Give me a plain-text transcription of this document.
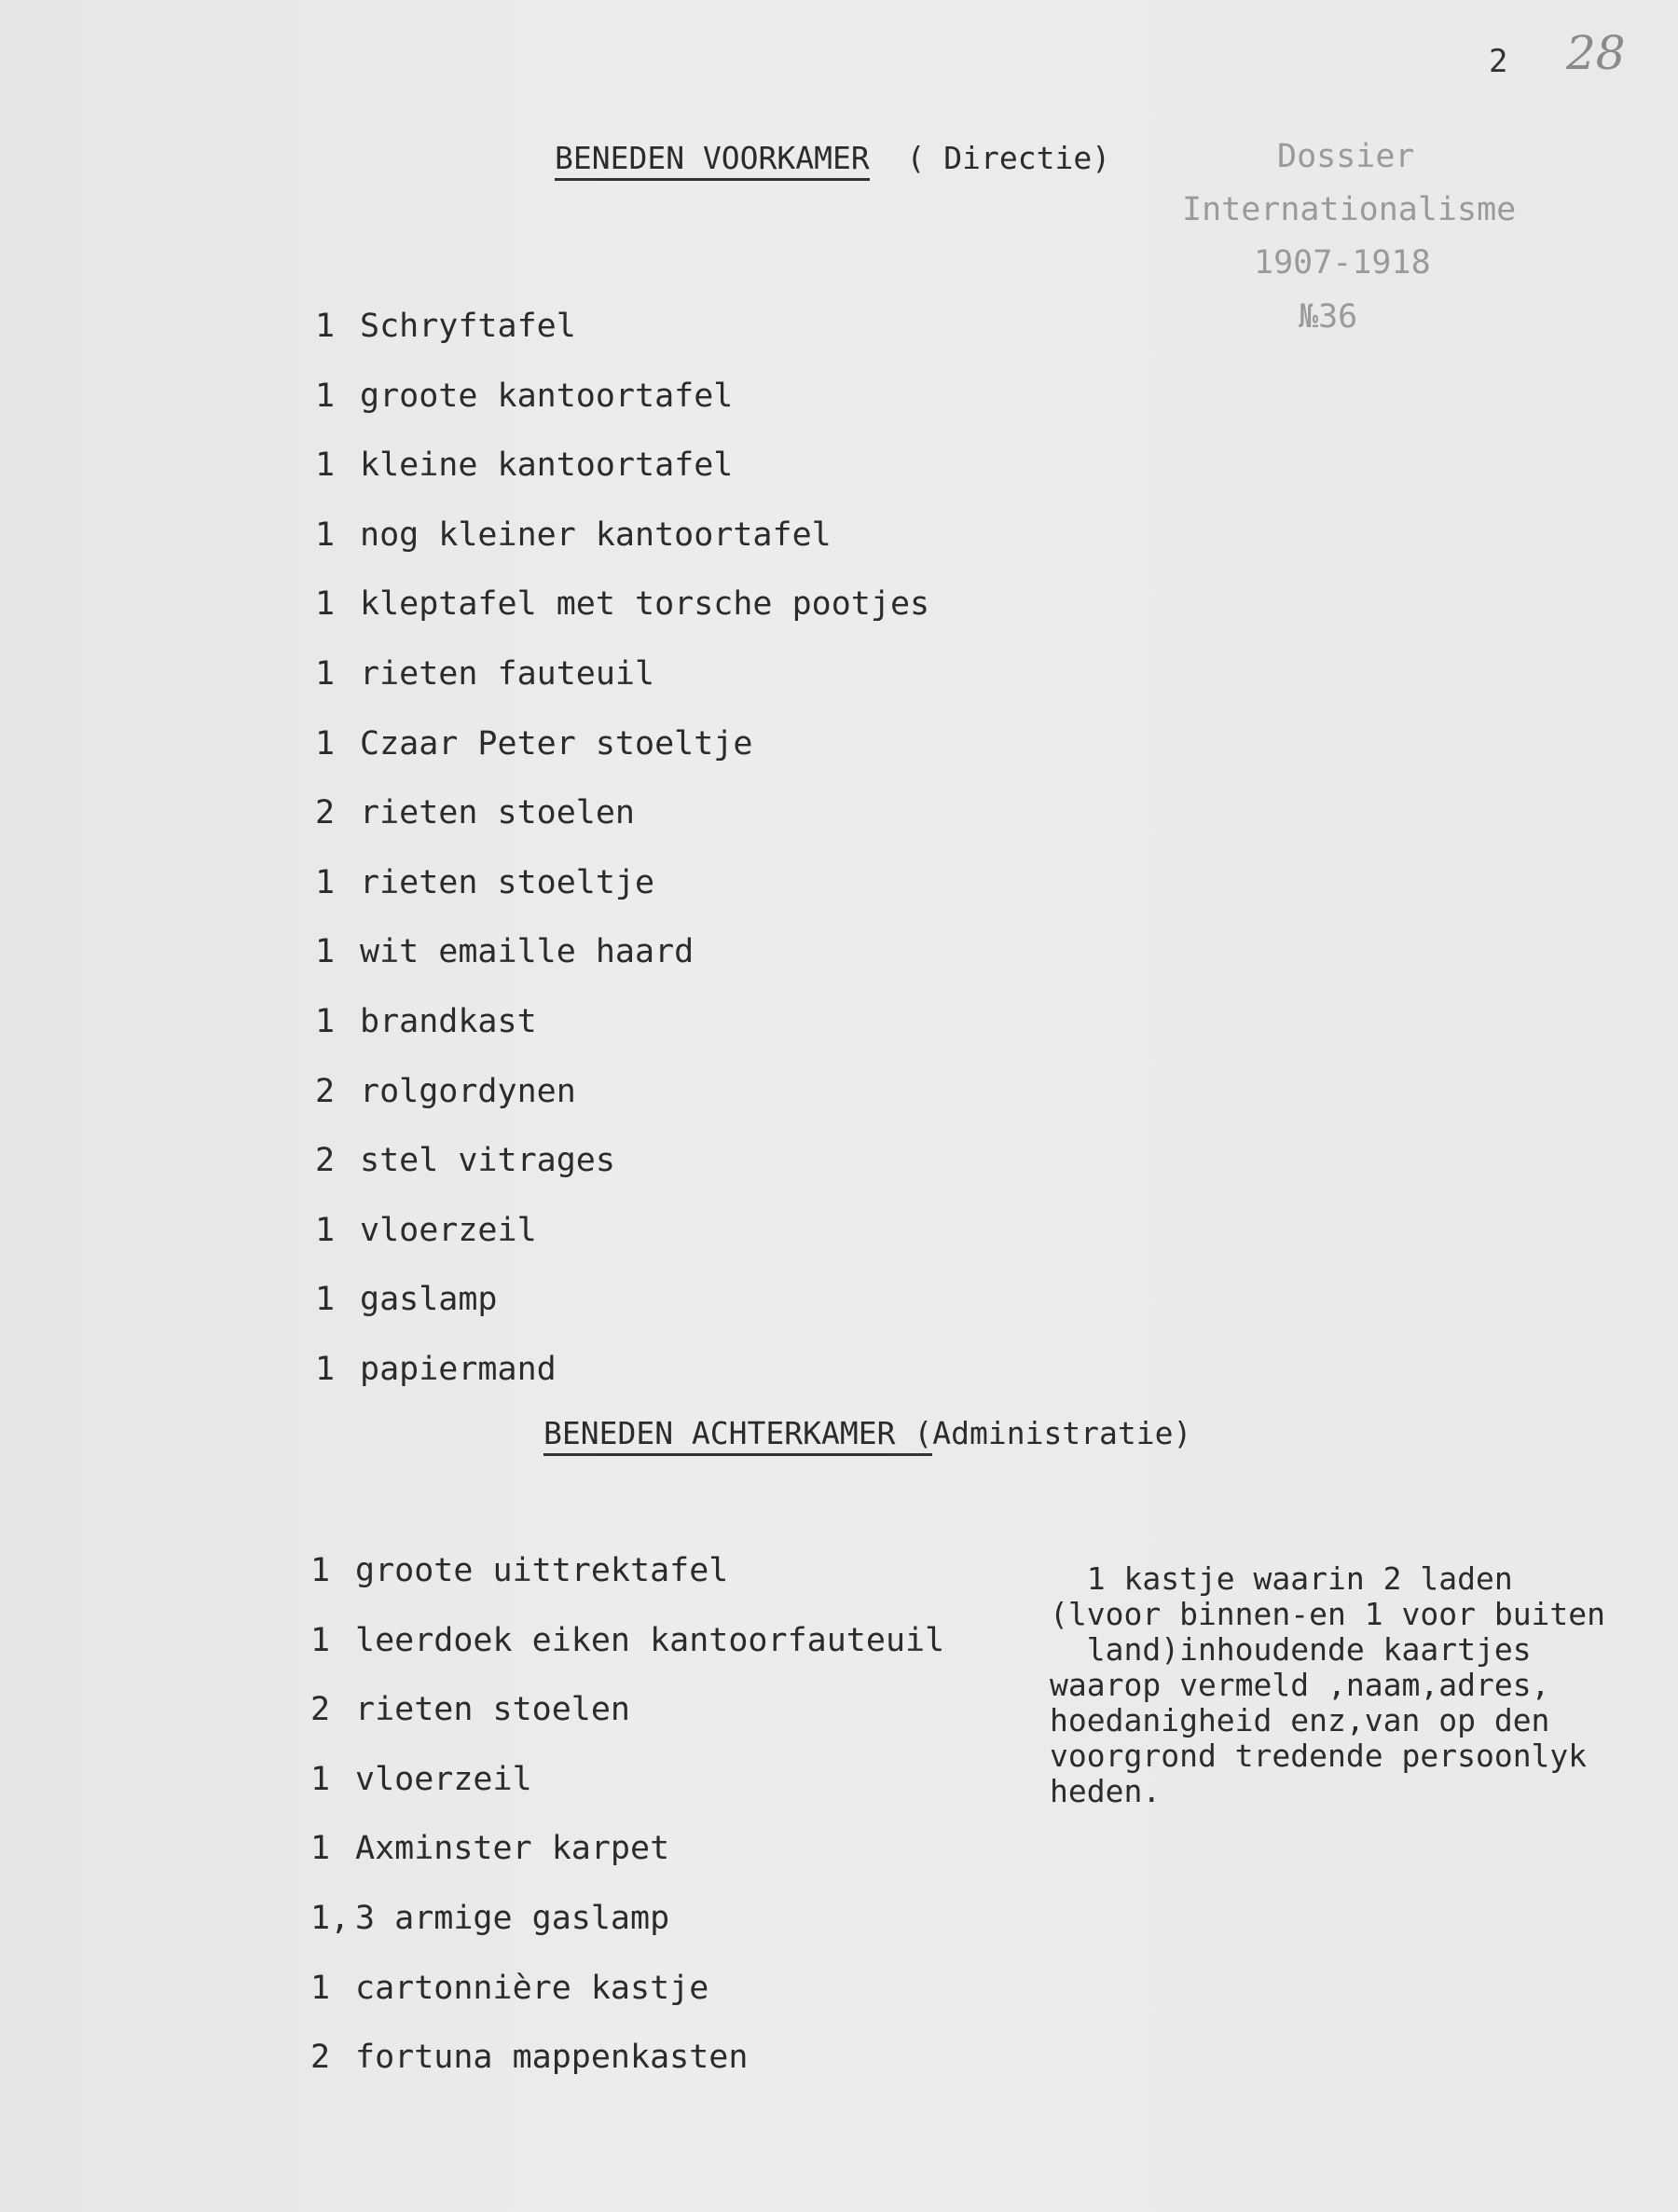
2 28
Dossier
Internationalisme
1907-1918
№36
BENEDEN VOORKAMER ( Directie)
1 Schryftafel
1 groote kantoortafel
1 kleine kantoortafel
1 nog kleiner kantoortafel
1 kleptafel met torsche pootjes
1 rieten fauteuil
1 Czaar Peter stoeltje
2 rieten stoelen
1 rieten stoeltje
1 wit emaille haard
1 brandkast
2 rolgordynen
2 stel vitrages
1 vloerzeil
1 gaslamp
1 papiermand
BENEDEN ACHTERKAMER (Administratie)
1 groote uittrektafel
1 leerdoek eiken kantoorfauteuil
2 rieten stoelen
1 vloerzeil
1 Axminster karpet
1, 3 armige gaslamp
1 cartonnière kastje
2 fortuna mappenkasten
1 kastje waarin 2 laden
(lvoor binnen-en 1 voor buiten
land)inhoudende kaartjes
waarop vermeld ,naam,adres,
hoedanigheid enz,van op den
voorgrond tredende persoonlyk
heden.
